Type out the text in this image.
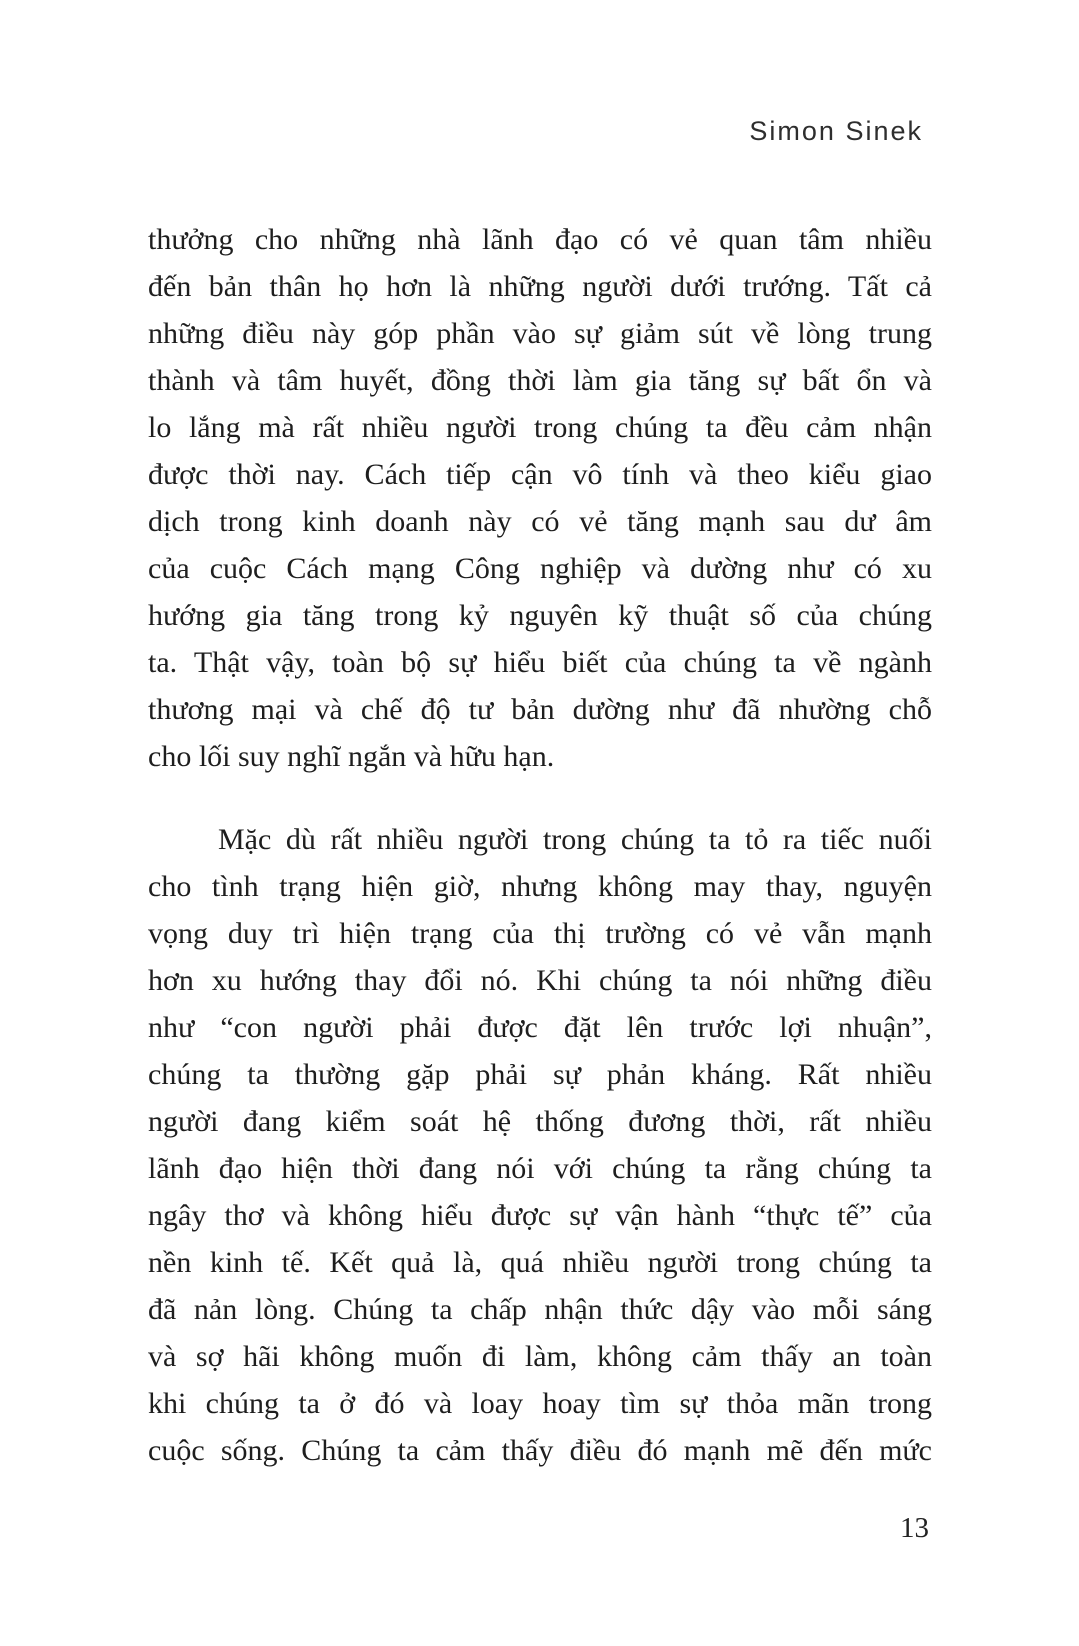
Simon Sinek
thưởng cho những nhà lãnh đạo có vẻ quan tâm nhiều
đến bản thân họ hơn là những người dưới trướng. Tất cả
những điều này góp phần vào sự giảm sút về lòng trung
thành và tâm huyết, đồng thời làm gia tăng sự bất ổn và
lo lắng mà rất nhiều người trong chúng ta đều cảm nhận
được thời nay. Cách tiếp cận vô tính và theo kiểu giao
dịch trong kinh doanh này có vẻ tăng mạnh sau dư âm
của cuộc Cách mạng Công nghiệp và dường như có xu
hướng gia tăng trong kỷ nguyên kỹ thuật số của chúng
ta. Thật vậy, toàn bộ sự hiểu biết của chúng ta về ngành
thương mại và chế độ tư bản dường như đã nhường chỗ
cho lối suy nghĩ ngắn và hữu hạn.
Mặc dù rất nhiều người trong chúng ta tỏ ra tiếc nuối
cho tình trạng hiện giờ, nhưng không may thay, nguyện
vọng duy trì hiện trạng của thị trường có vẻ vẫn mạnh
hơn xu hướng thay đổi nó. Khi chúng ta nói những điều
như “con người phải được đặt lên trước lợi nhuận”,
chúng ta thường gặp phải sự phản kháng. Rất nhiều
người đang kiểm soát hệ thống đương thời, rất nhiều
lãnh đạo hiện thời đang nói với chúng ta rằng chúng ta
ngây thơ và không hiểu được sự vận hành “thực tế” của
nền kinh tế. Kết quả là, quá nhiều người trong chúng ta
đã nản lòng. Chúng ta chấp nhận thức dậy vào mỗi sáng
và sợ hãi không muốn đi làm, không cảm thấy an toàn
khi chúng ta ở đó và loay hoay tìm sự thỏa mãn trong
cuộc sống. Chúng ta cảm thấy điều đó mạnh mẽ đến mức
13
